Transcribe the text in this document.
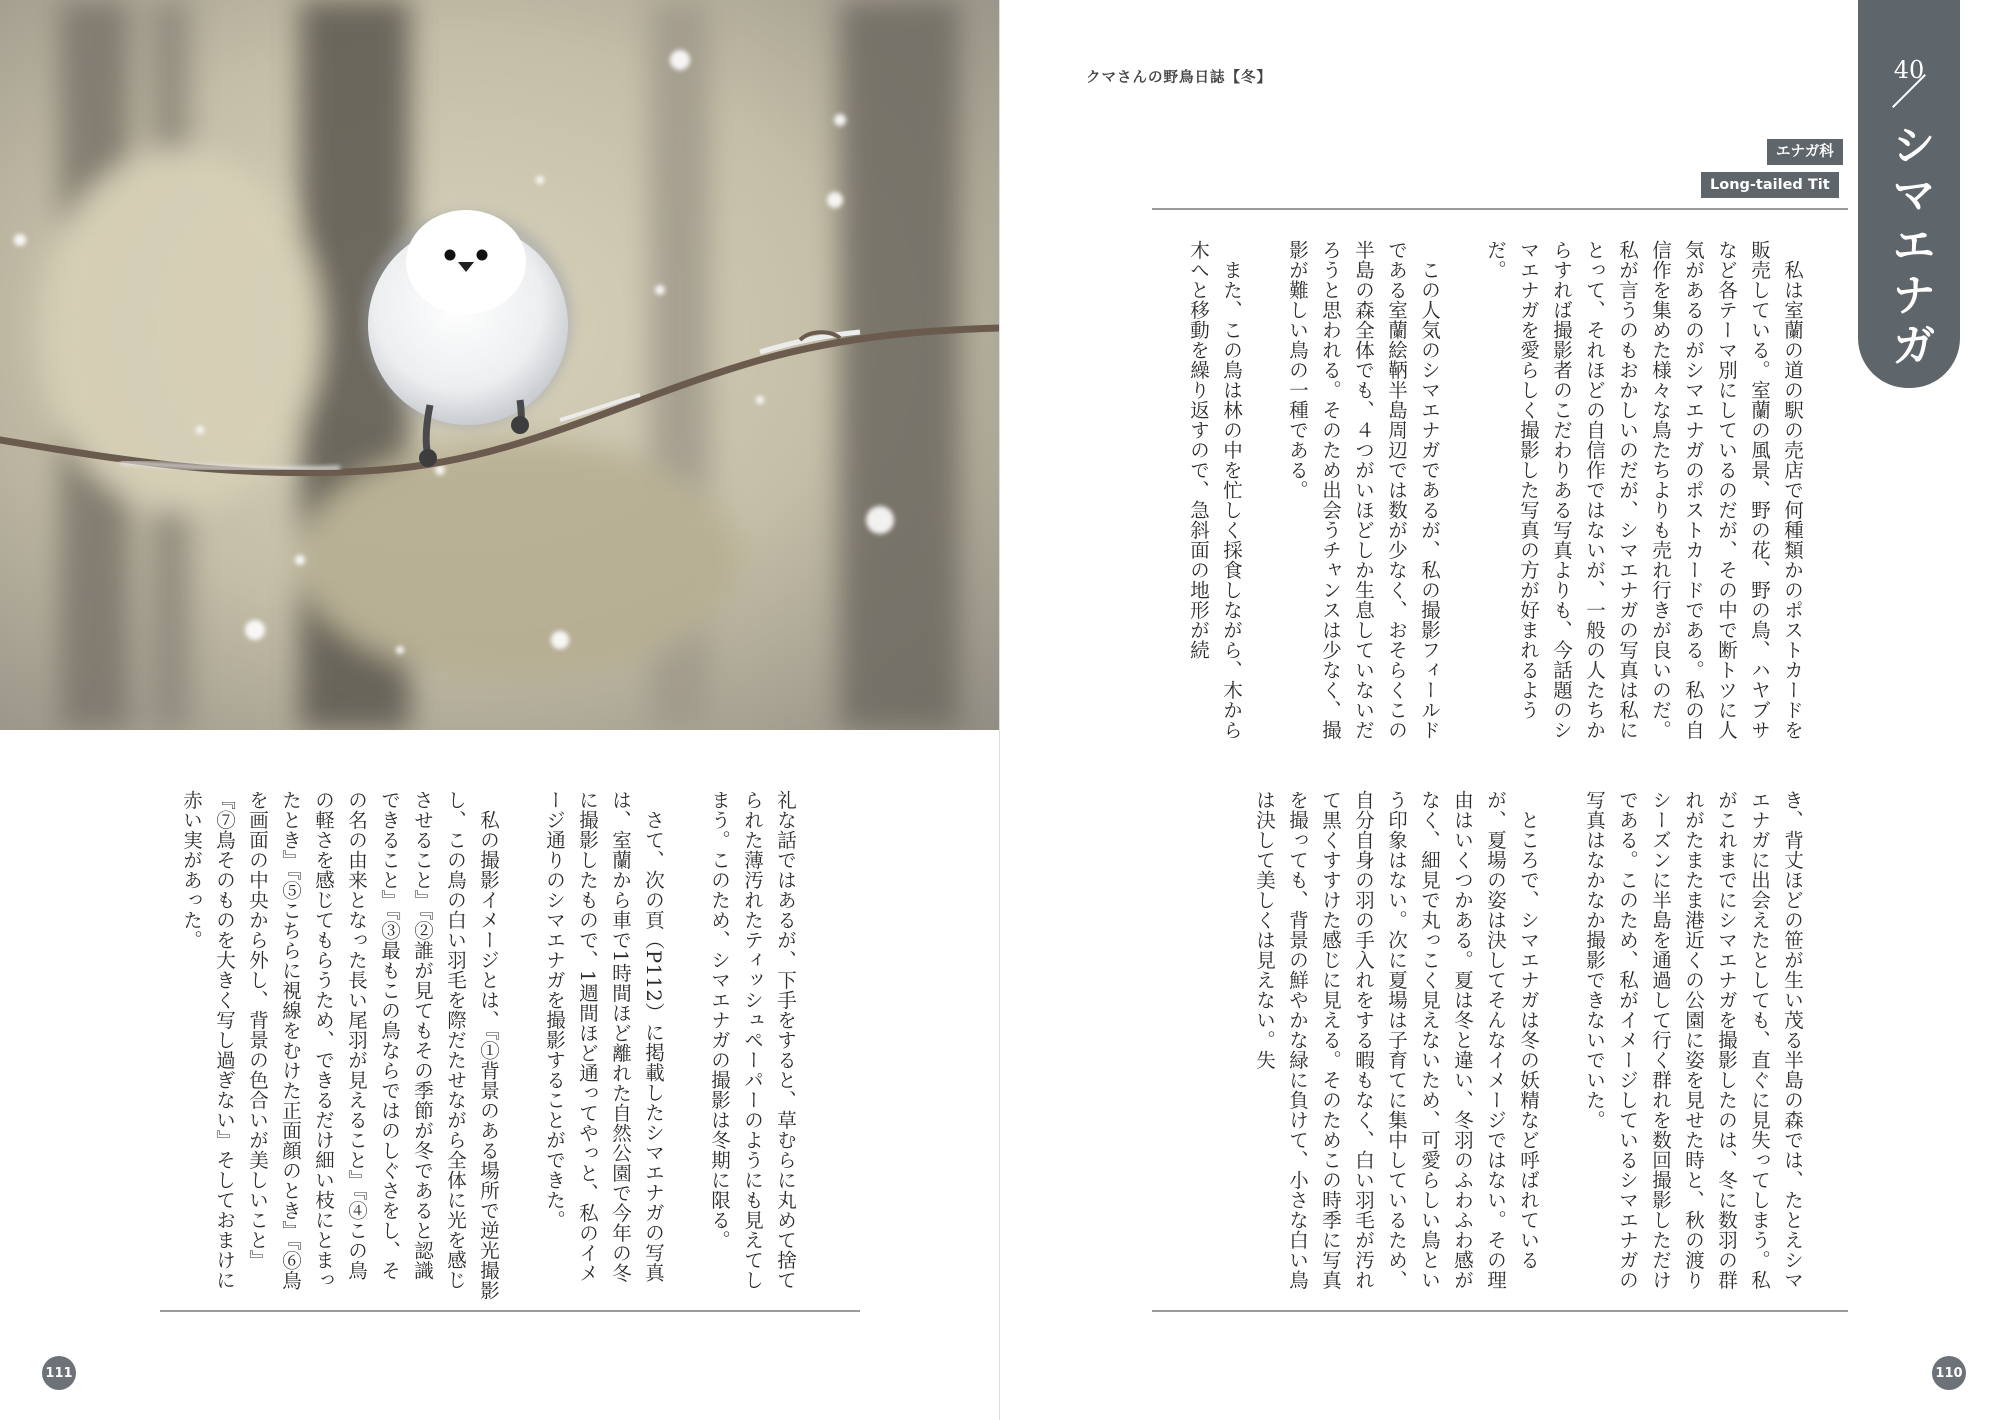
礼な話ではあるが、下手をすると、草むらに丸めて捨てられた薄汚れたティッシュペーパーのようにも見えてしまう。このため、シマエナガの撮影は冬期に限る。

さて、次の頁（P112）に掲載したシマエナガの写真は、室蘭から車で1時間ほど離れた自然公園で今年の冬に撮影したもので、1週間ほど通ってやっと、私のイメージ通りのシマエナガを撮影することができた。

私の撮影イメージとは、『①背景のある場所で逆光撮影し、この鳥の白い羽毛を際だたせながら全体に光を感じさせること』『②誰が見てもその季節が冬であると認識できること』『③最もこの鳥ならではのしぐさをし、その名の由来となった長い尾羽が見えること』『④この鳥の軽さを感じてもらうため、できるだけ細い枝にとまったとき』『⑤こちらに視線をむけた正面顔のとき』『⑥鳥を画面の中央から外し、背景の色合いが美しいこと』『⑦鳥そのものを大きく写し過ぎない』そしておまけに赤い実があった。

111
クマさんの野鳥日誌【冬】	40
シマエナガ
エナガ科
Long-tailed Tit

私は室蘭の道の駅の売店で何種類かのポストカードを販売している。室蘭の風景、野の花、野の鳥、ハヤブサなど各テーマ別にしているのだが、その中で断トツに人気があるのがシマエナガのポストカードである。私の自信作を集めた様々な鳥たちよりも売れ行きが良いのだ。私が言うのもおかしいのだが、シマエナガの写真は私にとって、それほどの自信作ではないが、一般の人たちからすれば撮影者のこだわりある写真よりも、今話題のシマエナガを愛らしく撮影した写真の方が好まれるようだ。

この人気のシマエナガであるが、私の撮影フィールドである室蘭絵鞆半島周辺では数が少なく、おそらくこの半島の森全体でも、４つがいほどしか生息していないだろうと思われる。そのため出会うチャンスは少なく、撮影が難しい鳥の一種である。

また、この鳥は林の中を忙しく採食しながら、木から木へと移動を繰り返すので、急斜面の地形が続

き、背丈ほどの笹が生い茂る半島の森では、たとえシマエナガに出会えたとしても、直ぐに見失ってしまう。私がこれまでにシマエナガを撮影したのは、冬に数羽の群れがたまたま港近くの公園に姿を見せた時と、秋の渡りシーズンに半島を通過して行く群れを数回撮影しただけである。このため、私がイメージしているシマエナガの写真はなかなか撮影できないでいた。

ところで、シマエナガは冬の妖精など呼ばれているが、夏場の姿は決してそんなイメージではない。その理由はいくつかある。夏は冬と違い、冬羽のふわふわ感がなく、細見で丸っこく見えないため、可愛らしい鳥という印象はない。次に夏場は子育てに集中しているため、自分自身の羽の手入れをする暇もなく、白い羽毛が汚れて黒くすすけた感じに見える。そのためこの時季に写真を撮っても、背景の鮮やかな緑に負けて、小さな白い鳥は決して美しくは見えない。失

110
